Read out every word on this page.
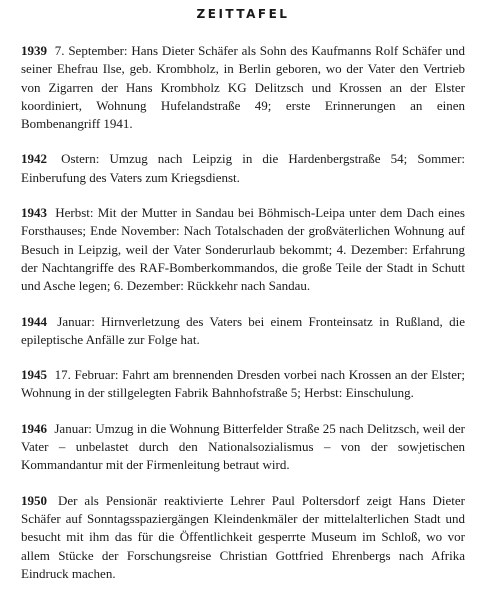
ZEITTAFEL

1939 7. September: Hans Dieter Schäfer als Sohn des Kaufmanns Rolf Schäfer und seiner Ehefrau Ilse, geb. Krombholz, in Berlin geboren, wo der Vater den Vertrieb von Zigarren der Hans Krombholz KG Delitzsch und Krossen an der Elster koordiniert, Wohnung Hufelandstraße 49; erste Erinnerungen an einen Bombenangriff 1941.

1942 Ostern: Umzug nach Leipzig in die Hardenbergstraße 54; Sommer: Einberufung des Vaters zum Kriegsdienst.

1943 Herbst: Mit der Mutter in Sandau bei Böhmisch-Leipa unter dem Dach eines Forsthauses; Ende November: Nach Totalschaden der großväterlichen Wohnung auf Besuch in Leipzig, weil der Vater Sonderurlaub bekommt; 4. Dezember: Erfahrung der Nachtangriffe des RAF-Bomberkommandos, die große Teile der Stadt in Schutt und Asche legen; 6. Dezember: Rückkehr nach Sandau.

1944 Januar: Hirnverletzung des Vaters bei einem Fronteinsatz in Rußland, die epileptische Anfälle zur Folge hat.

1945 17. Februar: Fahrt am brennenden Dresden vorbei nach Krossen an der Elster; Wohnung in der stillgelegten Fabrik Bahnhofstraße 5; Herbst: Einschulung.

1946 Januar: Umzug in die Wohnung Bitterfelder Straße 25 nach Delitzsch, weil der Vater – unbelastet durch den Nationalsozialismus – von der sowjetischen Kommandantur mit der Firmenleitung betraut wird.

1950 Der als Pensionär reaktivierte Lehrer Paul Poltersdorf zeigt Hans Dieter Schäfer auf Sonntagsspaziergängen Kleindenkmäler der mittelalterlichen Stadt und besucht mit ihm das für die Öffentlichkeit gesperrte Museum im Schloß, wo vor allem Stücke der Forschungsreise Christian Gottfried Ehrenbergs nach Afrika Eindruck machen.
